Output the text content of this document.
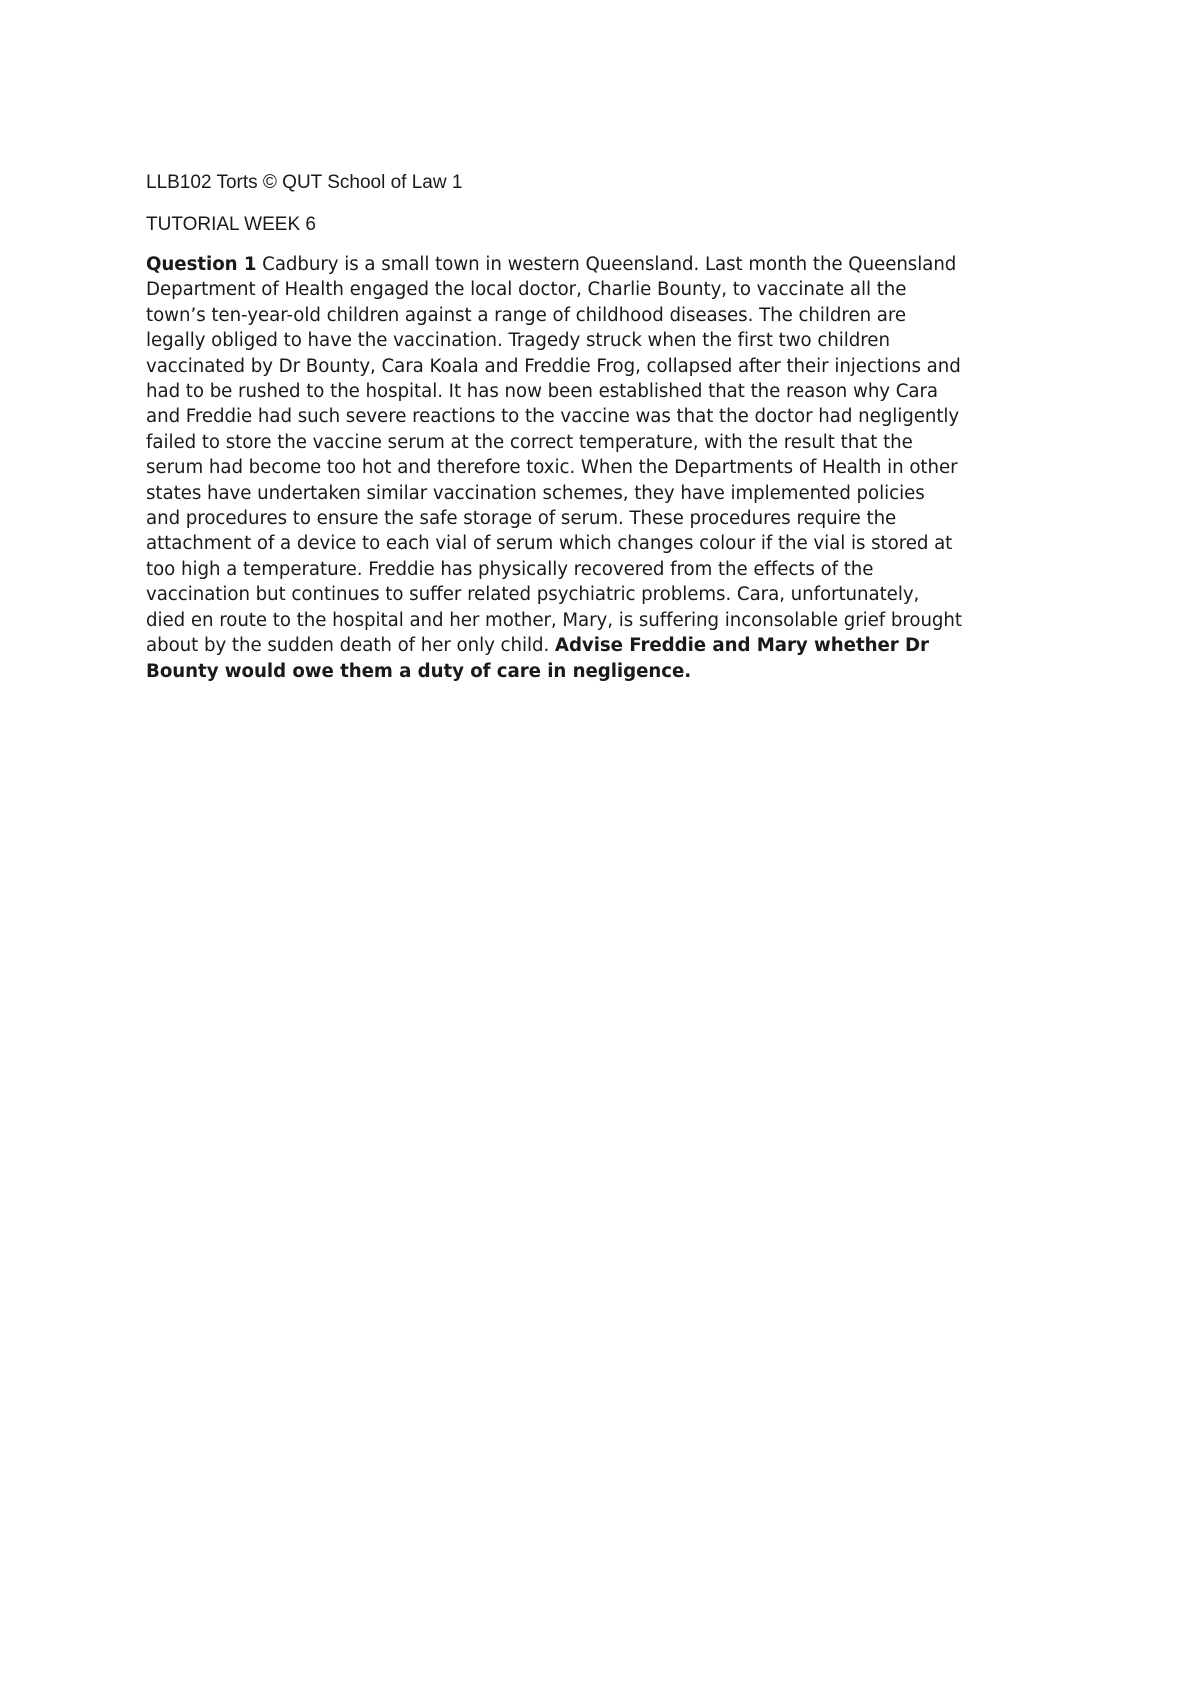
LLB102 Torts © QUT School of Law 1

TUTORIAL WEEK 6

Question 1 Cadbury is a small town in western Queensland. Last month the Queensland
Department of Health engaged the local doctor, Charlie Bounty, to vaccinate all the
town’s ten-year-old children against a range of childhood diseases. The children are
legally obliged to have the vaccination. Tragedy struck when the first two children
vaccinated by Dr Bounty, Cara Koala and Freddie Frog, collapsed after their injections and
had to be rushed to the hospital. It has now been established that the reason why Cara
and Freddie had such severe reactions to the vaccine was that the doctor had negligently
failed to store the vaccine serum at the correct temperature, with the result that the
serum had become too hot and therefore toxic. When the Departments of Health in other
states have undertaken similar vaccination schemes, they have implemented policies
and procedures to ensure the safe storage of serum. These procedures require the
attachment of a device to each vial of serum which changes colour if the vial is stored at
too high a temperature. Freddie has physically recovered from the effects of the
vaccination but continues to suffer related psychiatric problems. Cara, unfortunately,
died en route to the hospital and her mother, Mary, is suffering inconsolable grief brought
about by the sudden death of her only child. Advise Freddie and Mary whether Dr
Bounty would owe them a duty of care in negligence.
